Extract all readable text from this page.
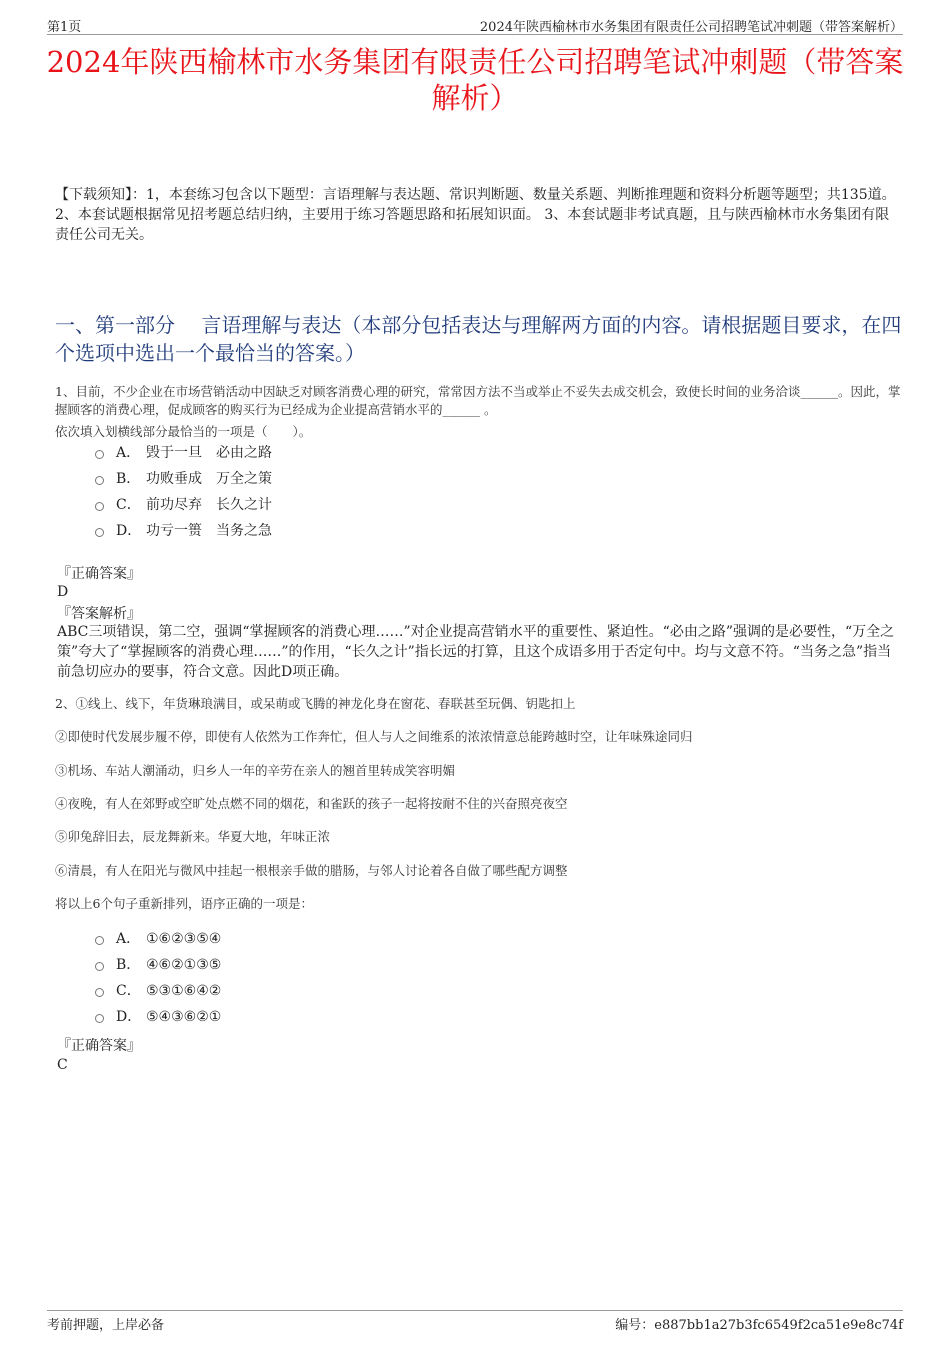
第1页	2024年陕西榆林市水务集团有限责任公司招聘笔试冲刺题（带答案解析）
2024年陕西榆林市水务集团有限责任公司招聘笔试冲刺题（带答案解析）
【下载须知】：1，本套练习包含以下题型：言语理解与表达题、常识判断题、数量关系题、判断推理题和资料分析题等题型；共135道。 2、本套试题根据常见招考题总结归纳，主要用于练习答题思路和拓展知识面。 3、本套试题非考试真题，且与陕西榆林市水务集团有限责任公司无关。
一、第一部分　 言语理解与表达（本部分包括表达与理解两方面的内容。请根据题目要求，在四个选项中选出一个最恰当的答案。）
1、目前，不少企业在市场营销活动中因缺乏对顾客消费心理的研究，常常因方法不当或举止不妥失去成交机会，致使长时间的业务洽谈______。因此，掌握顾客的消费心理，促成顾客的购买行为已经成为企业提高营销水平的______ 。
依次填入划横线部分最恰当的一项是（　　）。
A． 毁于一旦　必由之路
B． 功败垂成　万全之策
C． 前功尽弃　长久之计
D． 功亏一篑　当务之急
『正确答案』
D
『答案解析』
ABC三项错误，第二空，强调“掌握顾客的消费心理……”对企业提高营销水平的重要性、紧迫性。“必由之路”强调的是必要性，“万全之策”夸大了“掌握顾客的消费心理……”的作用，“长久之计”指长远的打算，且这个成语多用于否定句中。均与文意不符。“当务之急”指当前急切应办的要事，符合文意。因此D项正确。
2、①线上、线下，年货琳琅满目，或呆萌或飞腾的神龙化身在窗花、春联甚至玩偶、钥匙扣上
②即使时代发展步履不停，即使有人依然为工作奔忙，但人与人之间维系的浓浓情意总能跨越时空，让年味殊途同归
③机场、车站人潮涌动，归乡人一年的辛劳在亲人的翘首里转成笑容明媚
④夜晚，有人在郊野或空旷处点燃不同的烟花，和雀跃的孩子一起将按耐不住的兴奋照亮夜空
⑤卯兔辞旧去，辰龙舞新来。华夏大地，年味正浓
⑥清晨，有人在阳光与微风中挂起一根根亲手做的腊肠，与邻人讨论着各自做了哪些配方调整
将以上6个句子重新排列，语序正确的一项是：
A． ①⑥②③⑤④
B． ④⑥②①③⑤
C． ⑤③①⑥④②
D． ⑤④③⑥②①
『正确答案』
C
考前押题，上岸必备	编号：e887bb1a27b3fc6549f2ca51e9e8c74f
